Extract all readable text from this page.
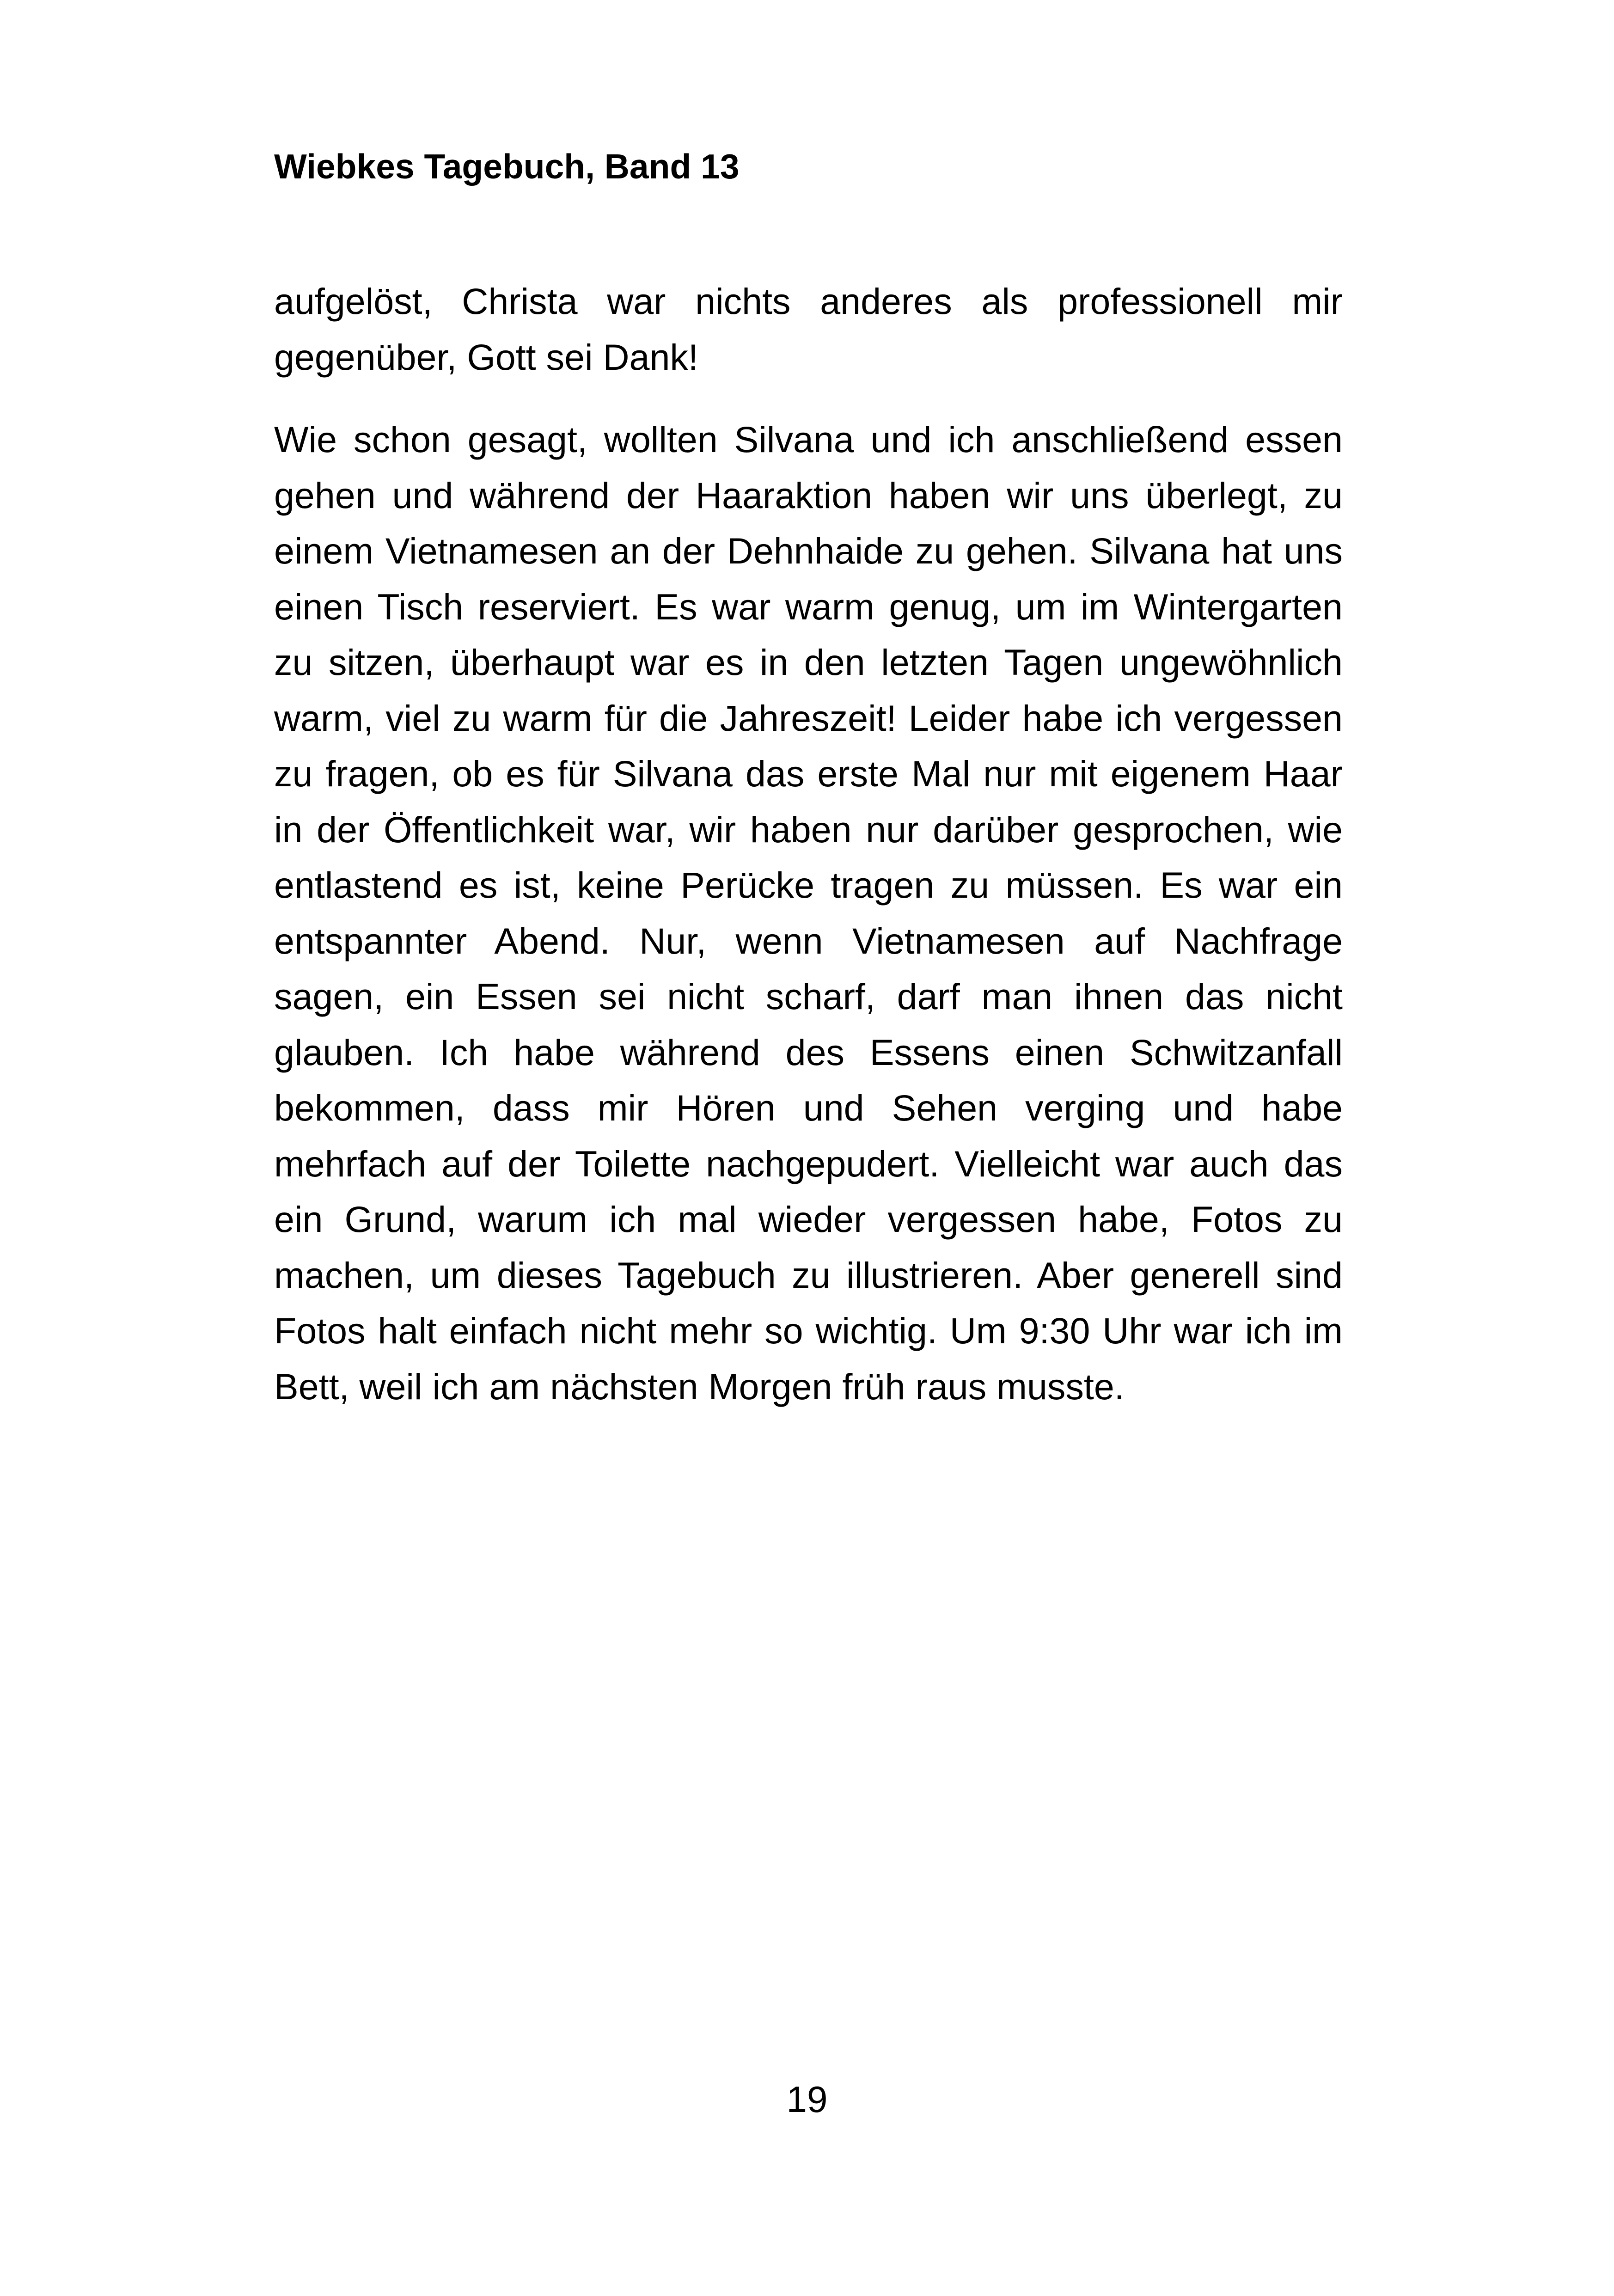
Wiebkes Tagebuch, Band 13

aufgelöst, Christa war nichts anderes als professionell mir gegenüber, Gott sei Dank!

Wie schon gesagt, wollten Silvana und ich anschließend essen gehen und während der Haaraktion haben wir uns überlegt, zu einem Vietnamesen an der Dehnhaide zu gehen. Silvana hat uns einen Tisch reserviert. Es war warm genug, um im Wintergarten zu sitzen, überhaupt war es in den letzten Tagen ungewöhnlich warm, viel zu warm für die Jahreszeit! Leider habe ich vergessen zu fragen, ob es für Silvana das erste Mal nur mit eigenem Haar in der Öffentlichkeit war, wir haben nur darüber gesprochen, wie entlastend es ist, keine Perücke tragen zu müssen. Es war ein entspannter Abend. Nur, wenn Vietnamesen auf Nachfrage sagen, ein Essen sei nicht scharf, darf man ihnen das nicht glauben. Ich habe während des Essens einen Schwitzanfall bekommen, dass mir Hören und Sehen verging und habe mehrfach auf der Toilette nachgepudert. Vielleicht war auch das ein Grund, warum ich mal wieder vergessen habe, Fotos zu machen, um dieses Tagebuch zu illustrieren. Aber generell sind Fotos halt einfach nicht mehr so wichtig. Um 9:30 Uhr war ich im Bett, weil ich am nächsten Morgen früh raus musste.

19
